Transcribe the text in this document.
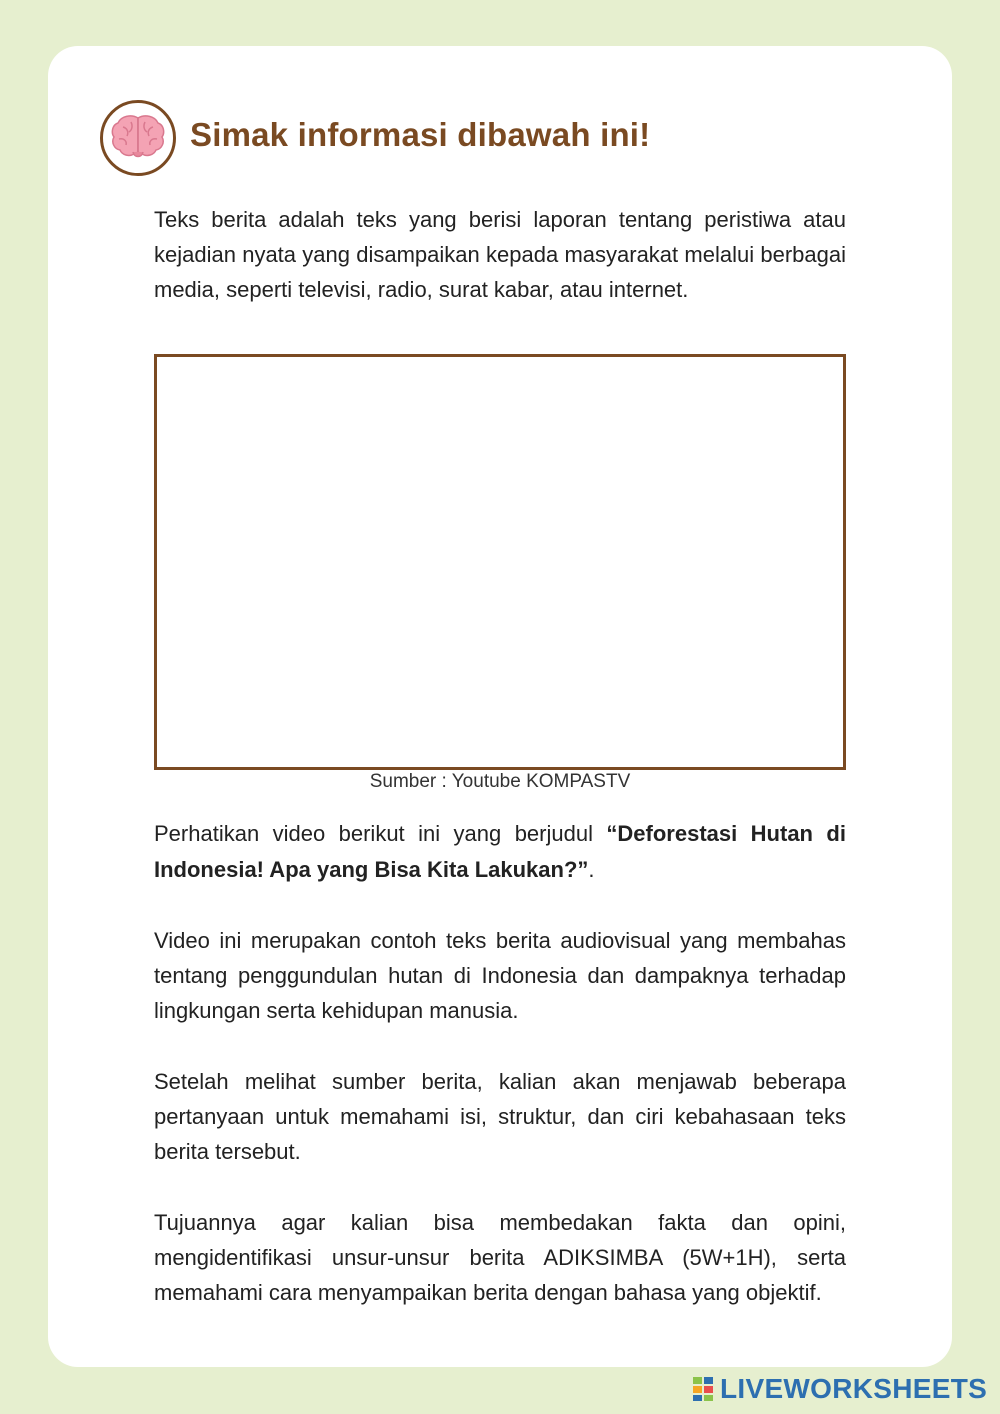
Simak informasi dibawah ini!

Teks berita adalah teks yang berisi laporan tentang peristiwa atau kejadian nyata yang disampaikan kepada masyarakat melalui berbagai media, seperti televisi, radio, surat kabar, atau internet.

Sumber : Youtube KOMPASTV

Perhatikan video berikut ini yang berjudul “Deforestasi Hutan di Indonesia! Apa yang Bisa Kita Lakukan?”.

Video ini merupakan contoh teks berita audiovisual yang membahas tentang penggundulan hutan di Indonesia dan dampaknya terhadap lingkungan serta kehidupan manusia.

Setelah melihat sumber berita, kalian akan menjawab beberapa pertanyaan untuk memahami isi, struktur, dan ciri kebahasaan teks berita tersebut.

Tujuannya agar kalian bisa membedakan fakta dan opini, mengidentifikasi unsur-unsur berita ADIKSIMBA (5W+1H), serta memahami cara menyampaikan berita dengan bahasa yang objektif.

LIVEWORKSHEETS
